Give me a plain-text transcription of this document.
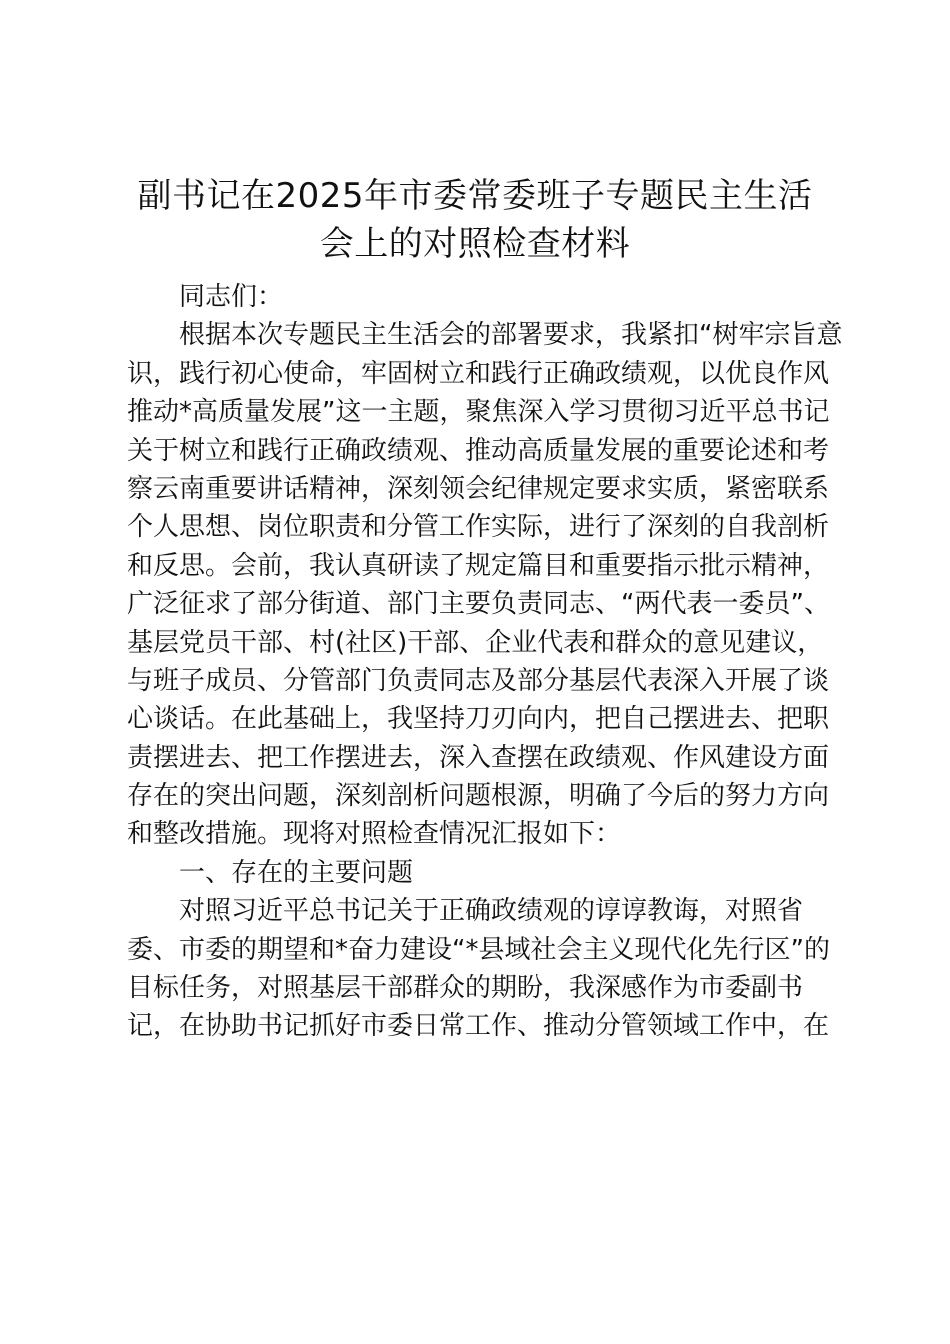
副书记在2025年市委常委班子专题民主生活
会上的对照检查材料
同志们：
根据本次专题民主生活会的部署要求，我紧扣“树牢宗旨意
识，践行初心使命，牢固树立和践行正确政绩观，以优良作风
推动*高质量发展”这一主题，聚焦深入学习贯彻习近平总书记
关于树立和践行正确政绩观、推动高质量发展的重要论述和考
察云南重要讲话精神，深刻领会纪律规定要求实质，紧密联系
个人思想、岗位职责和分管工作实际，进行了深刻的自我剖析
和反思。会前，我认真研读了规定篇目和重要指示批示精神，
广泛征求了部分街道、部门主要负责同志、“两代表一委员”、
基层党员干部、村(社区)干部、企业代表和群众的意见建议，
与班子成员、分管部门负责同志及部分基层代表深入开展了谈
心谈话。在此基础上，我坚持刀刃向内，把自己摆进去、把职
责摆进去、把工作摆进去，深入查摆在政绩观、作风建设方面
存在的突出问题，深刻剖析问题根源，明确了今后的努力方向
和整改措施。现将对照检查情况汇报如下：
一、存在的主要问题
对照习近平总书记关于正确政绩观的谆谆教诲，对照省
委、市委的期望和*奋力建设“*县域社会主义现代化先行区”的
目标任务，对照基层干部群众的期盼，我深感作为市委副书
记，在协助书记抓好市委日常工作、推动分管领域工作中，在
